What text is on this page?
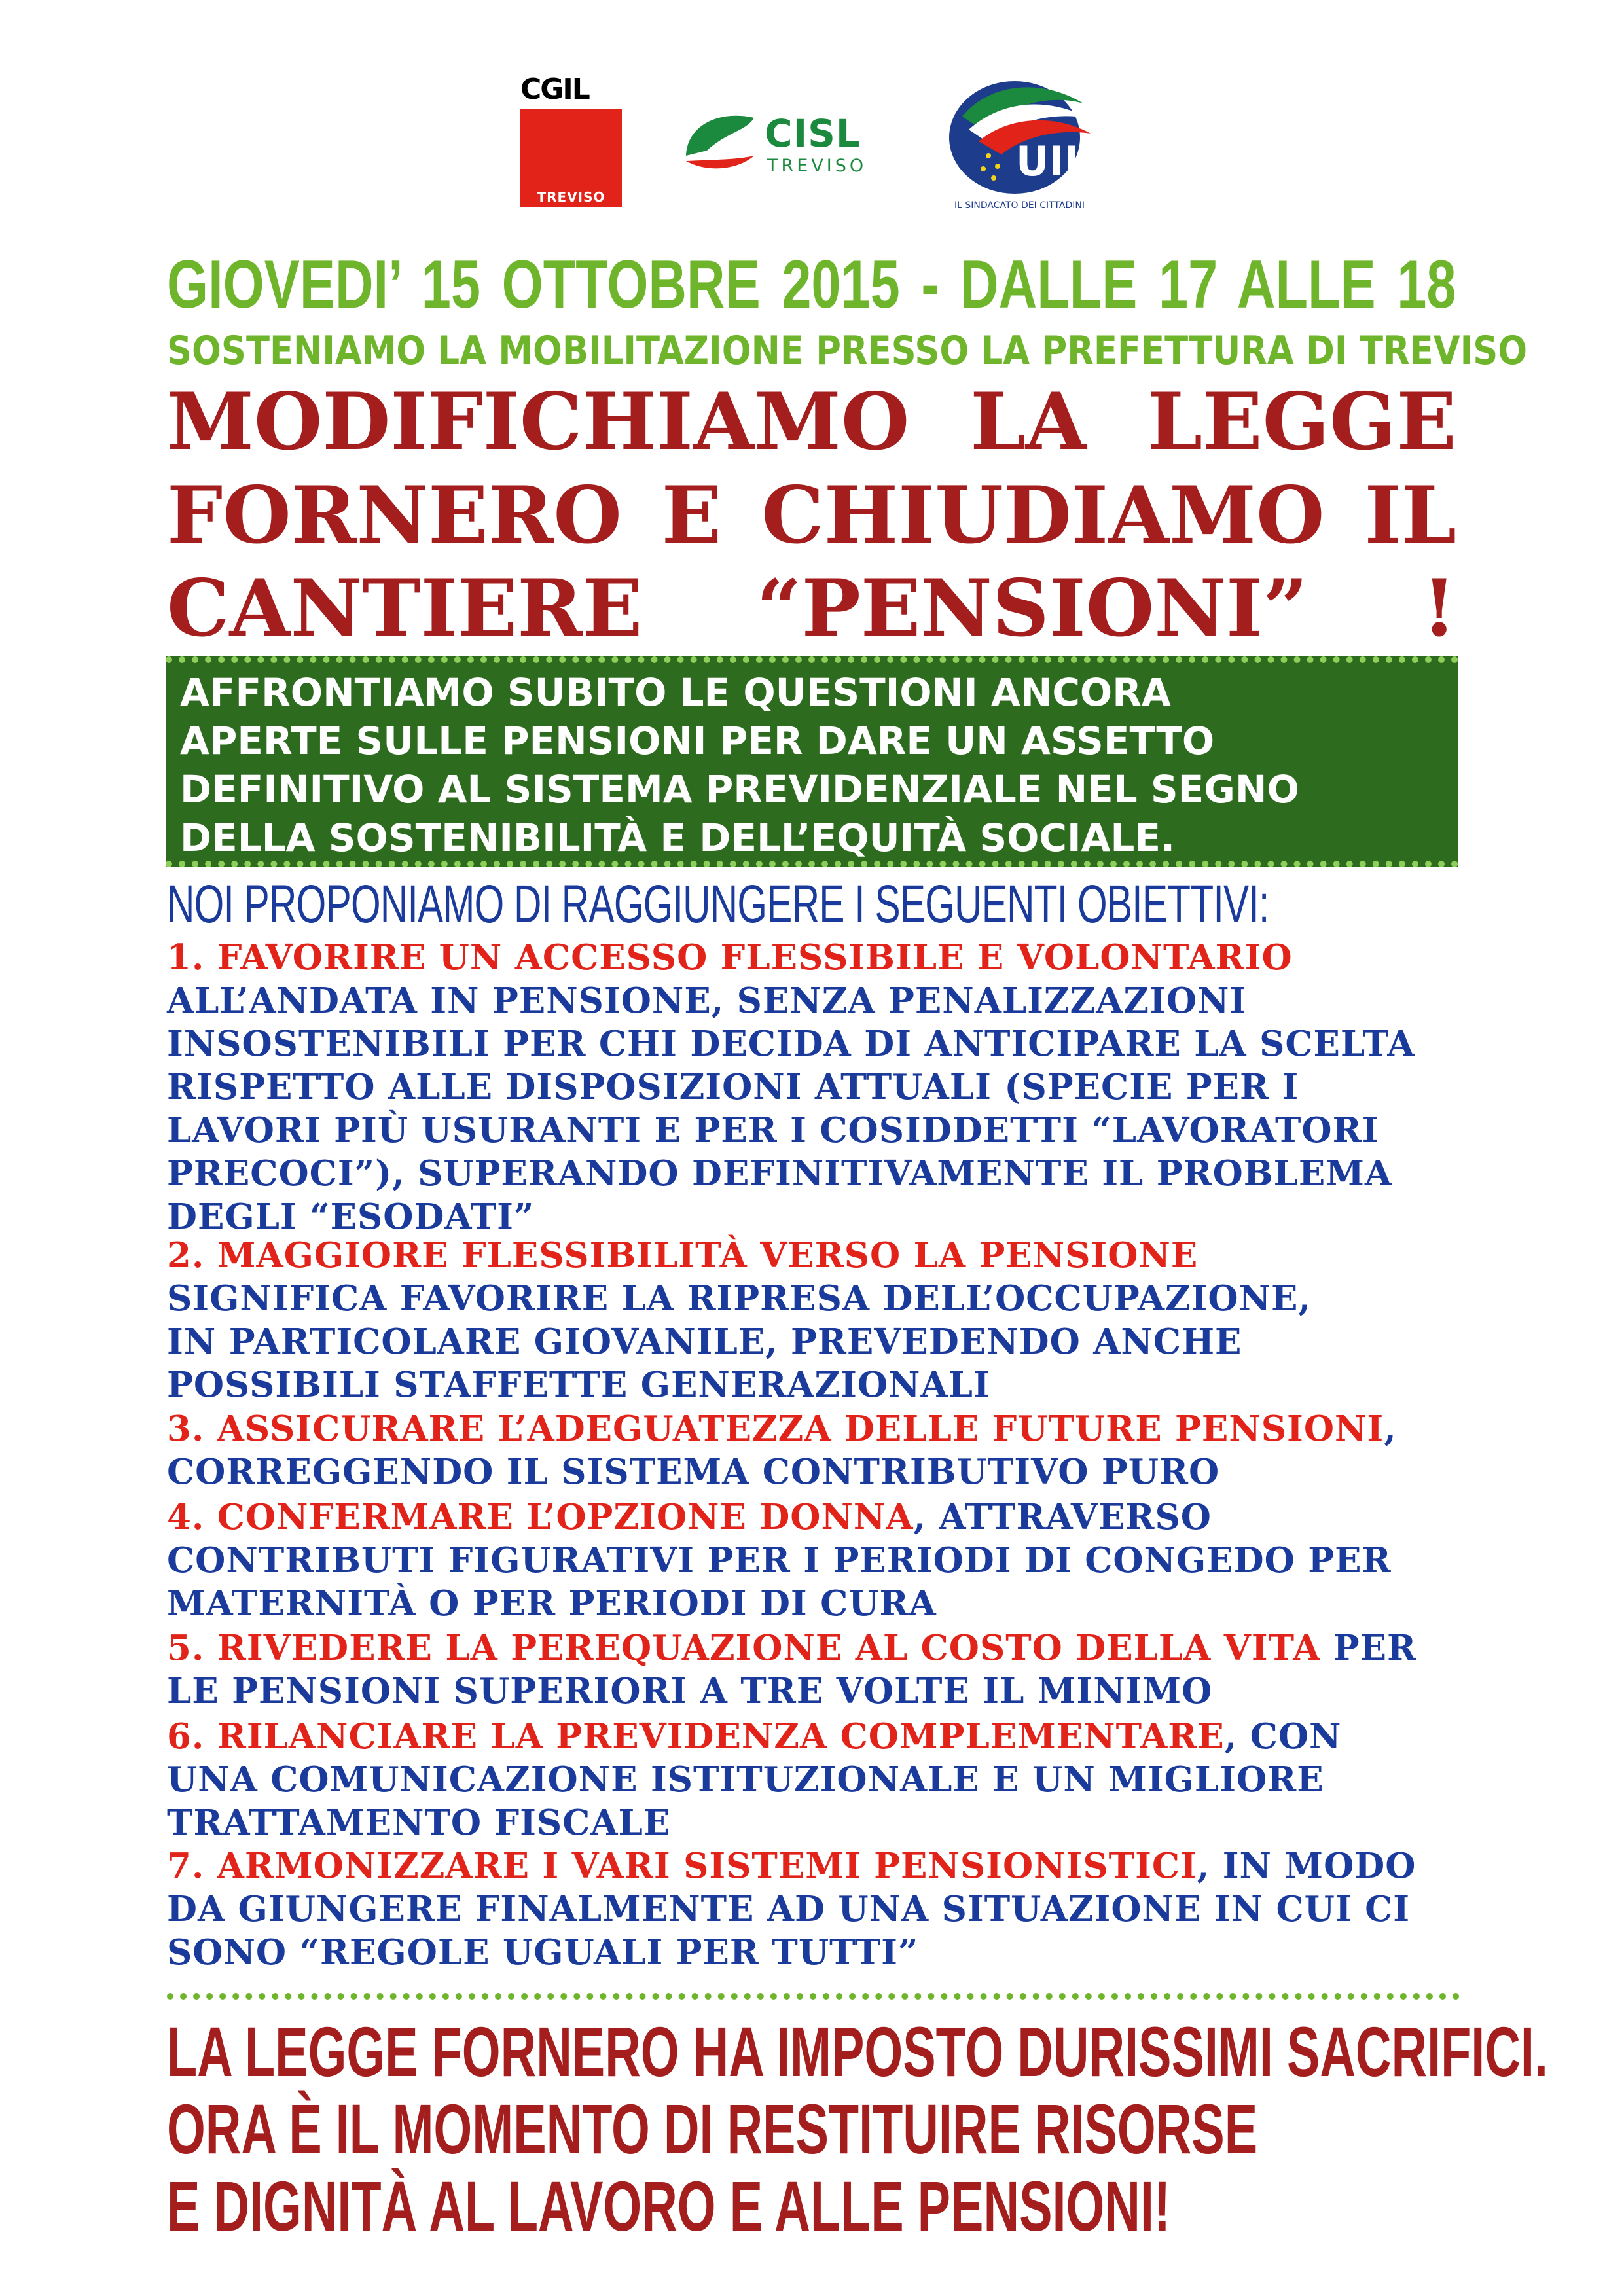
CGIL
TREVISO
CISL
TREVISO	UIL
IL SINDACATO DEI CITTADINI
GIOVEDI’ 15 OTTOBRE 2015 - DALLE 17 ALLE 18
SOSTENIAMO LA MOBILITAZIONE PRESSO LA PREFETTURA DI TREVISO
MODIFICHIAMO LA LEGGE
FORNERO E CHIUDIAMO IL
CANTIERE “PENSIONI” !
AFFRONTIAMO SUBITO LE QUESTIONI ANCORA
APERTE SULLE PENSIONI PER DARE UN ASSETTO
DEFINITIVO AL SISTEMA PREVIDENZIALE NEL SEGNO
DELLA SOSTENIBILITÀ E DELL’EQUITÀ SOCIALE.
NOI PROPONIAMO DI RAGGIUNGERE I SEGUENTI OBIETTIVI:
1. FAVORIRE UN ACCESSO FLESSIBILE E VOLONTARIO
ALL’ANDATA IN PENSIONE, SENZA PENALIZZAZIONI
INSOSTENIBILI PER CHI DECIDA DI ANTICIPARE LA SCELTA
RISPETTO ALLE DISPOSIZIONI ATTUALI (SPECIE PER I
LAVORI PIÙ USURANTI E PER I COSIDDETTI “LAVORATORI
PRECOCI”), SUPERANDO DEFINITIVAMENTE IL PROBLEMA
DEGLI “ESODATI”
2. MAGGIORE FLESSIBILITÀ VERSO LA PENSIONE
SIGNIFICA FAVORIRE LA RIPRESA DELL’OCCUPAZIONE,
IN PARTICOLARE GIOVANILE, PREVEDENDO ANCHE
POSSIBILI STAFFETTE GENERAZIONALI
3. ASSICURARE L’ADEGUATEZZA DELLE FUTURE PENSIONI,
CORREGGENDO IL SISTEMA CONTRIBUTIVO PURO
4. CONFERMARE L’OPZIONE DONNA, ATTRAVERSO
CONTRIBUTI FIGURATIVI PER I PERIODI DI CONGEDO PER
MATERNITÀ O PER PERIODI DI CURA
5. RIVEDERE LA PEREQUAZIONE AL COSTO DELLA VITA PER
LE PENSIONI SUPERIORI A TRE VOLTE IL MINIMO
6. RILANCIARE LA PREVIDENZA COMPLEMENTARE, CON
UNA COMUNICAZIONE ISTITUZIONALE E UN MIGLIORE
TRATTAMENTO FISCALE
7. ARMONIZZARE I VARI SISTEMI PENSIONISTICI, IN MODO
DA GIUNGERE FINALMENTE AD UNA SITUAZIONE IN CUI CI
SONO “REGOLE UGUALI PER TUTTI”
LA LEGGE FORNERO HA IMPOSTO DURISSIMI SACRIFICI.
ORA È IL MOMENTO DI RESTITUIRE RISORSE
E DIGNITÀ AL LAVORO E ALLE PENSIONI!
